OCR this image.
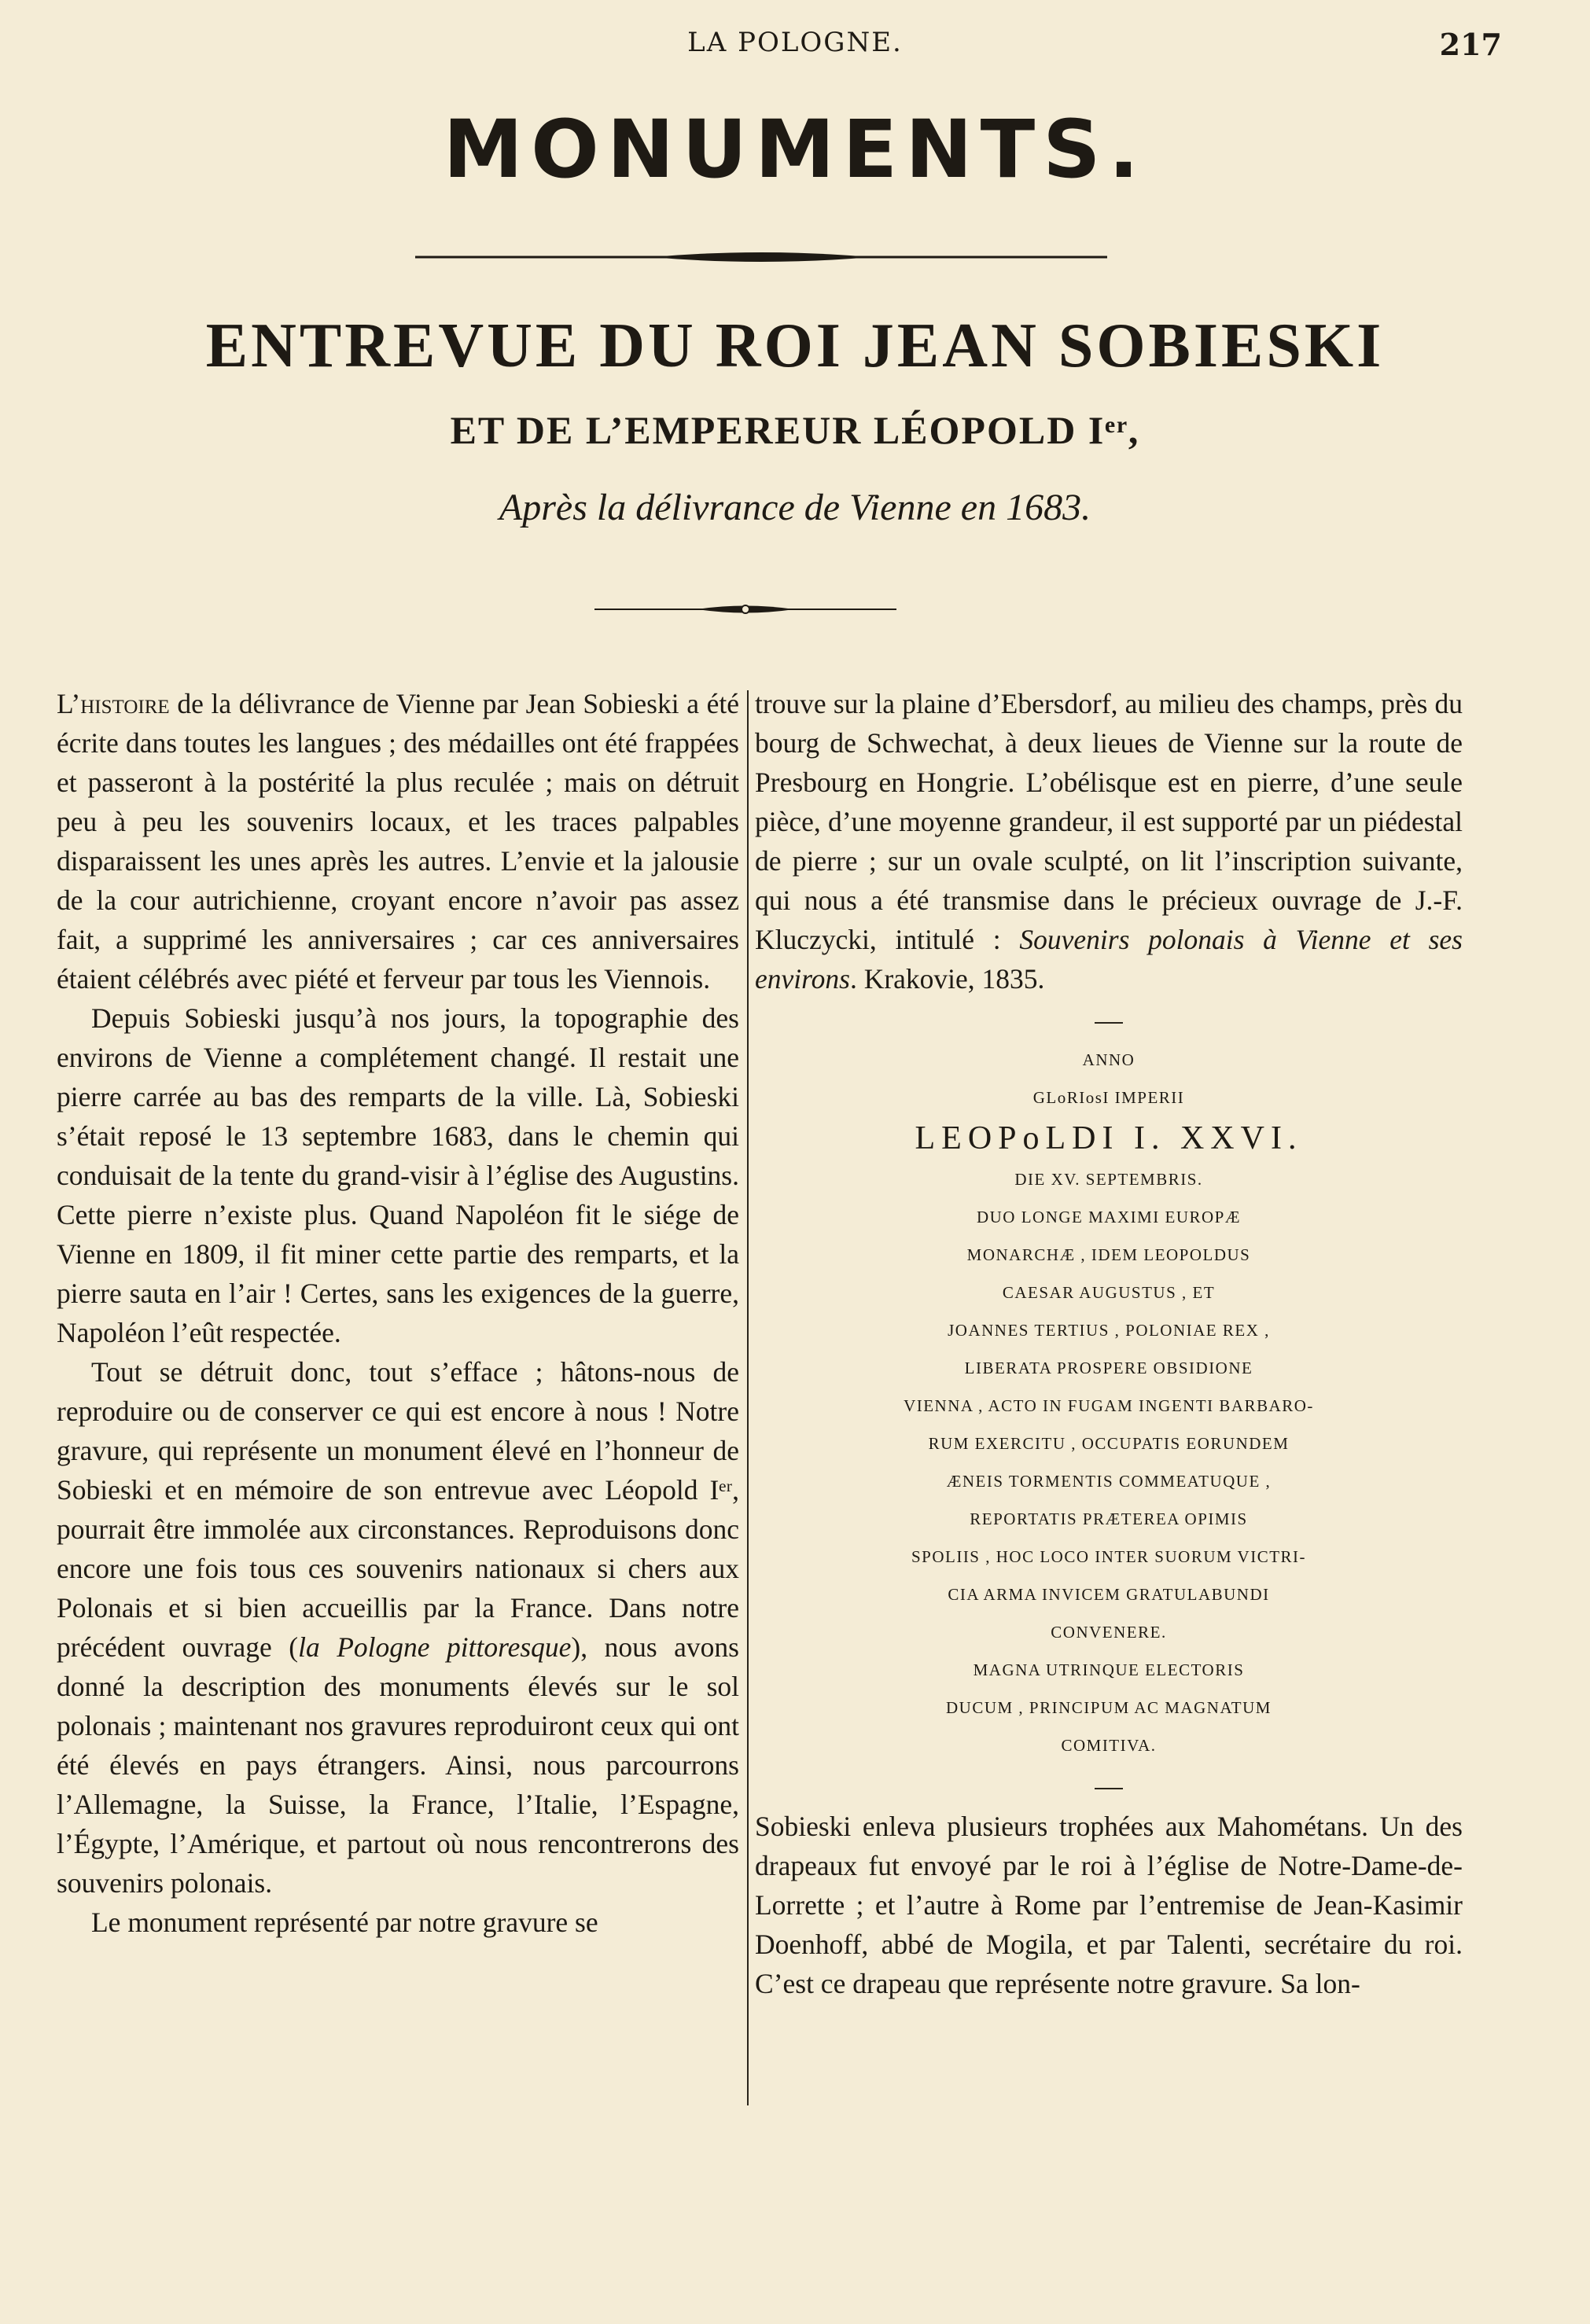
LA POLOGNE.	217
MONUMENTS.
ENTREVUE DU ROI JEAN SOBIESKI
ET DE L’EMPEREUR LÉOPOLD Iᵉʳ,
Après la délivrance de Vienne en 1683.

L’histoire de la délivrance de Vienne par Jean Sobieski a été écrite dans toutes les langues ; des médailles ont été frappées et passeront à la postérité la plus reculée ; mais on détruit peu à peu les souvenirs locaux, et les traces palpables disparaissent les unes après les autres. L’envie et la jalousie de la cour autrichienne, croyant encore n’avoir pas assez fait, a supprimé les anniversaires ; car ces anniversaires étaient célébrés avec piété et ferveur par tous les Viennois.

Depuis Sobieski jusqu’à nos jours, la topographie des environs de Vienne a complétement changé. Il restait une pierre carrée au bas des remparts de la ville. Là, Sobieski s’était reposé le 13 septembre 1683, dans le chemin qui conduisait de la tente du grand-visir à l’église des Augustins. Cette pierre n’existe plus. Quand Napoléon fit le siége de Vienne en 1809, il fit miner cette partie des remparts, et la pierre sauta en l’air ! Certes, sans les exigences de la guerre, Napoléon l’eût respectée.

Tout se détruit donc, tout s’efface ; hâtons-nous de reproduire ou de conserver ce qui est encore à nous ! Notre gravure, qui représente un monument élevé en l’honneur de Sobieski et en mémoire de son entrevue avec Léopold Iᵉʳ, pourrait être immolée aux circonstances. Reproduisons donc encore une fois tous ces souvenirs nationaux si chers aux Polonais et si bien accueillis par la France. Dans notre précédent ouvrage (la Pologne pittoresque), nous avons donné la description des monuments élevés sur le sol polonais ; maintenant nos gravures reproduiront ceux qui ont été élevés en pays étrangers. Ainsi, nous parcourrons l’Allemagne, la Suisse, la France, l’Italie, l’Espagne, l’Égypte, l’Amérique, et partout où nous rencontrerons des souvenirs polonais.

Le monument représenté par notre gravure se

trouve sur la plaine d’Ebersdorf, au milieu des champs, près du bourg de Schwechat, à deux lieues de Vienne sur la route de Presbourg en Hongrie. L’obélisque est en pierre, d’une seule pièce, d’une moyenne grandeur, il est supporté par un piédestal de pierre ; sur un ovale sculpté, on lit l’inscription suivante, qui nous a été transmise dans le précieux ouvrage de J.-F. Kluczycki, intitulé : Souvenirs polonais à Vienne et ses environs. Krakovie, 1835.

ANNO
GLoRIosI IMPERII
LEOPoLDI I. XXVI.
DIE XV. SEPTEMBRIS.
DUO LONGE MAXIMI EUROPÆ
MONARCHÆ , IDEM LEOPOLDUS
CAESAR AUGUSTUS , ET
JOANNES TERTIUS , POLONIAE REX ,
LIBERATA PROSPERE OBSIDIONE
VIENNA , ACTO IN FUGAM INGENTI BARBARO-
RUM EXERCITU , OCCUPATIS EORUNDEM
ÆNEIS TORMENTIS COMMEATUQUE ,
REPORTATIS PRÆTEREA OPIMIS
SPOLIIS , HOC LOCO INTER SUORUM VICTRI-
CIA ARMA INVICEM GRATULABUNDI
CONVENERE.
MAGNA UTRINQUE ELECTORIS
DUCUM , PRINCIPUM AC MAGNATUM
COMITIVA.

Sobieski enleva plusieurs trophées aux Mahométans. Un des drapeaux fut envoyé par le roi à l’église de Notre-Dame-de-Lorrette ; et l’autre à Rome par l’entremise de Jean-Kasimir Doenhoff, abbé de Mogila, et par Talenti, secrétaire du roi. C’est ce drapeau que représente notre gravure. Sa lon-
